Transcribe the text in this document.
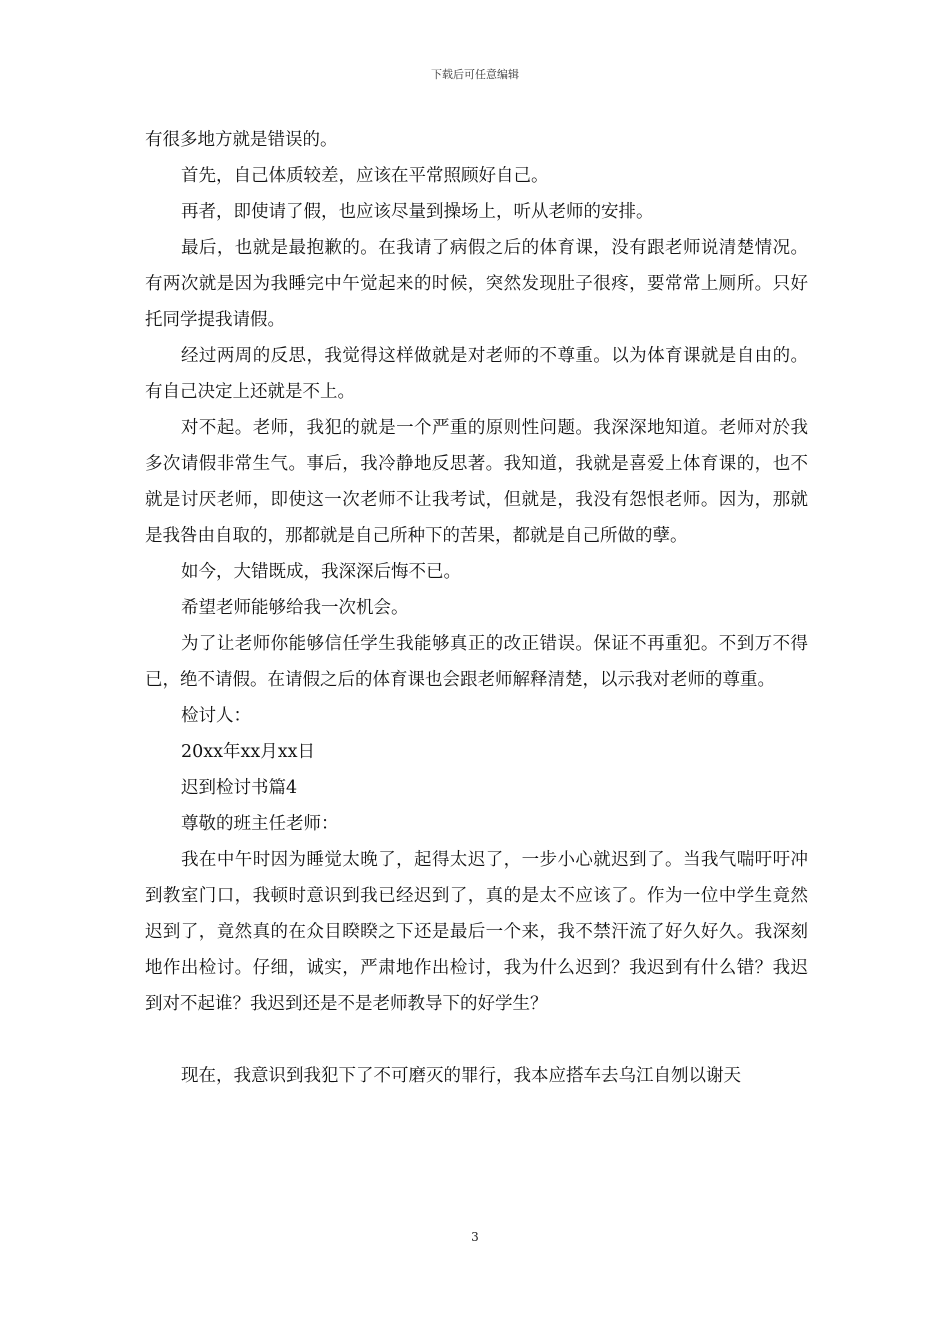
下载后可任意编辑

有很多地方就是错误的。

首先，自己体质较差，应该在平常照顾好自己。

再者，即使请了假，也应该尽量到操场上，听从老师的安排。

最后，也就是最抱歉的。在我请了病假之后的体育课，没有跟老师说清楚情况。有两次就是因为我睡完中午觉起来的时候，突然发现肚子很疼，要常常上厕所。只好托同学提我请假。

经过两周的反思，我觉得这样做就是对老师的不尊重。以为体育课就是自由的。有自己决定上还就是不上。

对不起。老师，我犯的就是一个严重的原则性问题。我深深地知道。老师对於我多次请假非常生气。事后，我冷静地反思著。我知道，我就是喜爱上体育课的，也不就是讨厌老师，即使这一次老师不让我考试，但就是，我没有怨恨老师。因为，那就是我咎由自取的，那都就是自己所种下的苦果，都就是自己所做的孽。

如今，大错既成，我深深后悔不已。

希望老师能够给我一次机会。

为了让老师你能够信任学生我能够真正的改正错误。保证不再重犯。不到万不得已，绝不请假。在请假之后的体育课也会跟老师解释清楚，以示我对老师的尊重。

检讨人：

20xx年xx月xx日

迟到检讨书篇4

尊敬的班主任老师：

我在中午时因为睡觉太晚了，起得太迟了，一步小心就迟到了。当我气喘吁吁冲到教室门口，我顿时意识到我已经迟到了，真的是太不应该了。作为一位中学生竟然迟到了，竟然真的在众目睽睽之下还是最后一个来，我不禁汗流了好久好久。我深刻地作出检讨。仔细，诚实，严肃地作出检讨，我为什么迟到？我迟到有什么错？我迟到对不起谁？我迟到还是不是老师教导下的好学生？

现在，我意识到我犯下了不可磨灭的罪行，我本应搭车去乌江自刎以谢天

3
